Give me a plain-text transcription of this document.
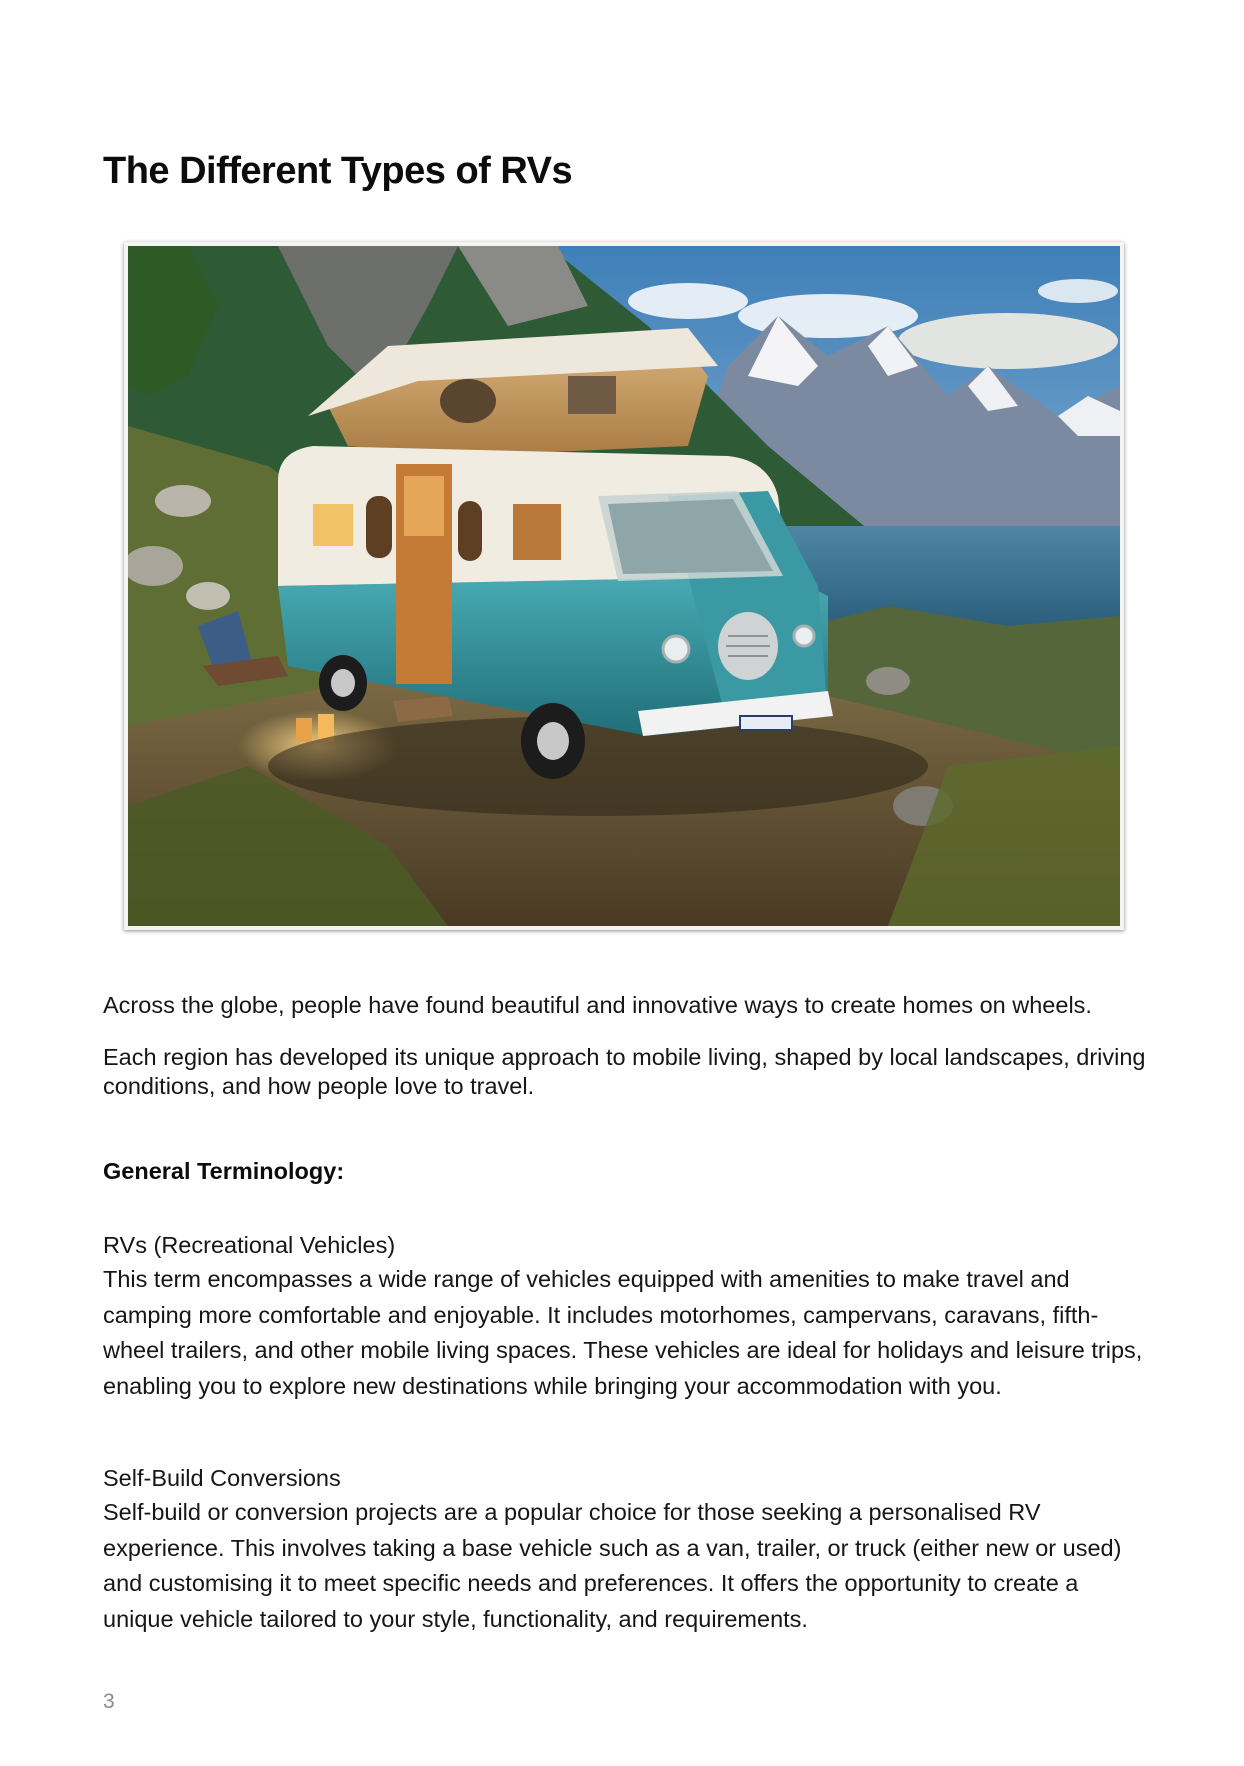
The Different Types of RVs

Across the globe, people have found beautiful and innovative ways to create homes on wheels.

Each region has developed its unique approach to mobile living, shaped by local landscapes, driving conditions, and how people love to travel.

General Terminology:

RVs (Recreational Vehicles)

This term encompasses a wide range of vehicles equipped with amenities to make travel and camping more comfortable and enjoyable. It includes motorhomes, campervans, caravans, fifth-wheel trailers, and other mobile living spaces. These vehicles are ideal for holidays and leisure trips, enabling you to explore new destinations while bringing your accommodation with you.

Self-Build Conversions

Self-build or conversion projects are a popular choice for those seeking a personalised RV experience. This involves taking a base vehicle such as a van, trailer, or truck (either new or used) and customising it to meet specific needs and preferences. It offers the opportunity to create a unique vehicle tailored to your style, functionality, and requirements.

3
